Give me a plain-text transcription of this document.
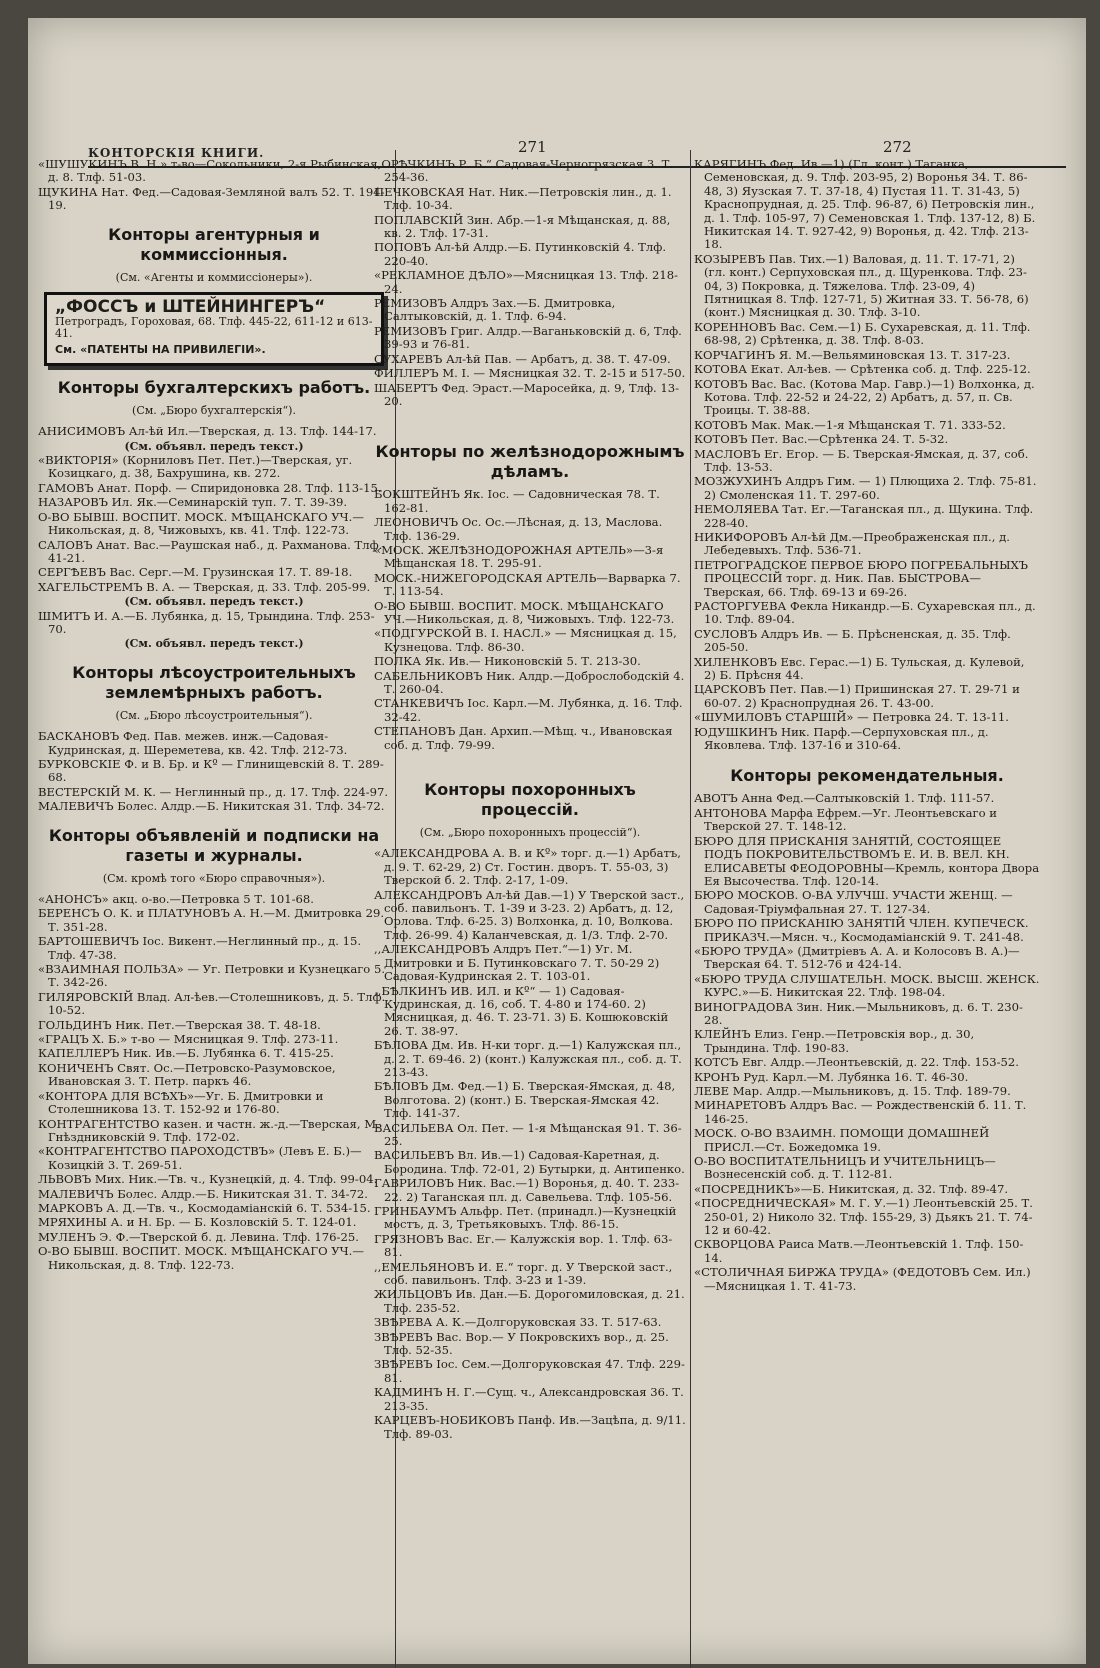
КОНТОРСКІЯ КНИГИ.	271	272
«ШУШУКИНЪ В. Н.» т-во—Сокольники, 2-я Рыбинская, д. 8. Тлф. 51-03.
ЩУКИНА Нат. Фед.—Садовая-Земляной валъ 52. Т. 194-19.
Конторы агентурныя и коммиссіонныя.
(См. «Агенты и коммиссіонеры»).
„ФОССЪ и ШТЕЙНИНГЕРЪ“
Петроградъ, Гороховая, 68. Тлф. 445-22, 611-12 и 613-41.
См. «ПАТЕНТЫ НА ПРИВИЛЕГІИ».
Конторы бухгалтерскихъ работъ.
(См. „Бюро бухгалтерскія“).
АНИСИМОВЪ Ал-ѣй Ил.—Тверская, д. 13. Тлф. 144-17.
(См. объявл. передъ текст.)
«ВИКТОРІЯ» (Корниловъ Пет. Пет.)—Тверская, уг. Козицкаго, д. 38, Бахрушина, кв. 272.
ГАМОВЪ Анат. Порф. — Спиридоновка 28. Тлф. 113-15.
НАЗАРОВЪ Ил. Як.—Семинарскій туп. 7. Т. 39-39.
О-ВО БЫВШ. ВОСПИТ. МОСК. МѢЩАНСКАГО УЧ.—Никольская, д. 8, Чижовыхъ, кв. 41. Тлф. 122-73.
САЛОВЪ Анат. Вас.—Раушская наб., д. Рахманова. Тлф. 41-21.
СЕРГѢЕВЪ Вас. Серг.—М. Грузинская 17. Т. 89-18.
ХАГЕЛЬСТРЕМЪ В. А. — Тверская, д. 33. Тлф. 205-99.
(См. объявл. передъ текст.)
ШМИТЪ И. А.—Б. Лубянка, д. 15, Трындина. Тлф. 253-70.
(См. объявл. передъ текст.)
Конторы лѣсоустроительныхъ землемѣрныхъ работъ.
(См. „Бюро лѣсоустроительныя“).
БАСКАНОВЪ Фед. Пав. межев. инж.—Садовая-Кудринская, д. Шереметева, кв. 42. Тлф. 212-73.
БУРКОВСКІЕ Ф. и В. Бр. и Кº — Глинищевскій 8. Т. 289-68.
ВЕСТЕРСКІЙ М. К. — Неглинный пр., д. 17. Тлф. 224-97.
МАЛЕВИЧЪ Болес. Алдр.—Б. Никитская 31. Тлф. 34-72.
Конторы объявленій и подписки на газеты и журналы.
(См. кромѣ того «Бюро справочныя»).
«АНОНСЪ» акц. о-во.—Петровка 5 Т. 101-68.
БЕРЕНСЪ О. К. и ПЛАТУНОВЪ А. Н.—М. Дмитровка 29. Т. 351-28.
БАРТОШЕВИЧЪ Іос. Викент.—Неглинный пр., д. 15. Тлф. 47-38.
«ВЗАИМНАЯ ПОЛЬЗА» — Уг. Петровки и Кузнецкаго 5. Т. 342-26.
ГИЛЯРОВСКІЙ Влад. Ал-ѣев.—Столешниковъ, д. 5. Тлф. 10-52.
ГОЛЬДИНЪ Ник. Пет.—Тверская 38. Т. 48-18.
«ГРАЦЪ Х. Б.» т-во — Мясницкая 9. Тлф. 273-11.
КАПЕЛЛЕРЪ Ник. Ив.—Б. Лубянка 6. Т. 415-25.
КОНИЧЕНЪ Свят. Ос.—Петровско-Разумовское, Ивановская 3. Т. Петр. паркъ 46.
«КОНТОРА ДЛЯ ВСѢХЪ»—Уг. Б. Дмитровки и Столешникова 13. Т. 152-92 и 176-80.
КОНТРАГЕНТСТВО казен. и частн. ж.-д.—Тверская, М. Гнѣздниковскій 9. Тлф. 172-02.
«КОНТРАГЕНТСТВО ПАРОХОДСТВЪ» (Левъ Е. Б.)—Козицкій 3. Т. 269-51.
ЛЬВОВЪ Мих. Ник.—Тв. ч., Кузнецкій, д. 4. Тлф. 99-04.
МАЛЕВИЧЪ Болес. Алдр.—Б. Никитская 31. Т. 34-72.
МАРКОВЪ А. Д.—Тв. ч., Космодамiанскiй 6. Т. 534-15.
МРЯХИНЫ А. и Н. Бр. — Б. Козловскій 5. Т. 124-01.
МУЛЕНЪ Э. Ф.—Тверской б. д. Левина. Тлф. 176-25.
О-ВО БЫВШ. ВОСПИТ. МОСК. МѢЩАНСКАГО УЧ.—Никольская, д. 8. Тлф. 122-73.
,,ОРѢЧКИНЪ Р. Б.“ Садовая-Черногрязская 3. Т. 254-36.
ПЕЧКОВСКАЯ Нат. Ник.—Петровскія лин., д. 1. Тлф. 10-34.
ПОПЛАВСКІЙ Зин. Абр.—1-я Мѣщанская, д. 88, кв. 2. Тлф. 17-31.
ПОПОВЪ Ал-ѣй Алдр.—Б. Путинковскій 4. Тлф. 220-40.
«РЕКЛАМНОЕ ДѢЛО»—Мясницкая 13. Тлф. 218-24.
РЕМИЗОВЪ Алдръ Зах.—Б. Дмитровка, Салтыковскій, д. 1. Тлф. 6-94.
РЕМИЗОВЪ Григ. Алдр.—Ваганьковскій д. 6, Тлф. 39-93 и 76-81.
СУХАРЕВЪ Ал-ѣй Пав. — Арбатъ, д. 38. Т. 47-09.
ФИЛЛЕРЪ М. І. — Мясницкая 32. Т. 2-15 и 517-50.
ШАБЕРТЪ Фед. Эраст.—Маросейка, д. 9, Тлф. 13-20.
Конторы по желѣзнодорожнымъ дѣламъ.
БОКШТЕЙНЪ Як. Іос. — Садовническая 78. Т. 162-81.
ЛЕОНОВИЧЪ Ос. Ос.—Лѣсная, д. 13, Маслова. Тлф. 136-29.
«МОСК. ЖЕЛѢЗНОДОРОЖНАЯ АРТЕЛЬ»—3-я Мѣщанская 18. Т. 295-91.
МОСК.-НИЖЕГОРОДСКАЯ АРТЕЛЬ—Варварка 7. Т. 113-54.
О-ВО БЫВШ. ВОСПИТ. МОСК. МѢЩАНСКАГО УЧ.—Никольская, д. 8, Чижовыхъ. Тлф. 122-73.
«ПОДГУРСКОЙ В. І. НАСЛ.» — Мясницкая д. 15, Кузнецова. Тлф. 86-30.
ПОЛКА Як. Ив.— Никоновскій 5. Т. 213-30.
САБЕЛЬНИКОВЪ Ник. Алдр.—Доброслободскій 4. Т. 260-04.
СТАНКЕВИЧЪ Іос. Карл.—М. Лубянка, д. 16. Тлф. 32-42.
СТЕПАНОВЪ Дан. Архип.—Мѣщ. ч., Ивановская соб. д. Тлф. 79-99.
Конторы похоронныхъ процессій.
(См. „Бюро похоронныхъ процессій“).
«АЛЕКСАНДРОВА А. В. и Кº» торг. д.—1) Арбатъ, д. 9. Т. 62-29, 2) Ст. Гостин. дворъ. Т. 55-03, 3) Тверской б. 2. Тлф. 2-17, 1-09.
АЛЕКСАНДРОВЪ Ал-ѣй Дав.—1) У Тверской заст., соб. павильонъ. Т. 1-39 и 3-23. 2) Арбатъ, д. 12, Орлова. Тлф. 6-25. 3) Волхонка, д. 10, Волкова. Тлф. 26-99. 4) Каланчевская, д. 1/3. Тлф. 2-70.
,,АЛЕКСАНДРОВЪ Алдръ Пет.“—1) Уг. М. Дмитровки и Б. Путинковскаго 7. Т. 50-29 2) Садовая-Кудринская 2. Т. 103-01.
,,БѢЛКИНЪ ИВ. ИЛ. и Кº“ — 1) Садовая-Кудринская, д. 16, соб. Т. 4-80 и 174-60. 2) Мясницкая, д. 46. Т. 23-71. 3) Б. Кошюковскій 26. Т. 38-97.
БѢЛОВА Дм. Ив. Н-ки торг. д.—1) Калужская пл., д. 2. Т. 69-46. 2) (конт.) Калужская пл., соб. д. Т. 213-43.
БѢЛОВЪ Дм. Фед.—1) Б. Тверская-Ямская, д. 48, Волготова. 2) (конт.) Б. Тверская-Ямская 42. Тлф. 141-37.
ВАСИЛЬЕВА Ол. Пет. — 1-я Мѣщанская 91. Т. 36-25.
ВАСИЛЬЕВЪ Вл. Ив.—1) Садовая-Каретная, д. Бородина. Тлф. 72-01, 2) Бутырки, д. Антипенко.
ГАВРИЛОВЪ Ник. Вас.—1) Воронья, д. 40. Т. 233-22. 2) Таганская пл. д. Савельева. Тлф. 105-56.
ГРИНБАУМЪ Альфр. Пет. (принадл.)—Кузнецкій мостъ, д. 3, Третьяковыхъ. Тлф. 86-15.
ГРЯЗНОВЪ Вас. Ег.— Калужскія вор. 1. Тлф. 63-81.
,,ЕМЕЛЬЯНОВЪ И. Е.“ торг. д. У Тверской заст., соб. павильонъ. Тлф. 3-23 и 1-39.
ЖИЛЬЦОВЪ Ив. Дан.—Б. Дорогомиловская, д. 21. Тлф. 235-52.
ЗВѢРЕВА А. К.—Долгоруковская 33. Т. 517-63.
ЗВѢРЕВЪ Вас. Вор.— У Покровскихъ вор., д. 25. Тлф. 52-35.
ЗВѢРЕВЪ Іос. Сем.—Долгоруковская 47. Тлф. 229-81.
КАДМИНЪ Н. Г.—Сущ. ч., Александровская 36. Т. 213-35.
КАРЦЕВЪ-НОБИКОВЪ Панф. Ив.—Зацѣпа, д. 9/11. Тлф. 89-03.
КАРЯГИНЪ Фед. Ив.—1) (Гл. конт.) Таганка, Семеновская, д. 9. Тлф. 203-95, 2) Воронья 34. Т. 86-48, 3) Яузская 7. Т. 37-18, 4) Пустая 11. Т. 31-43, 5) Краснопрудная, д. 25. Тлф. 96-87, 6) Петровскія лин., д. 1. Тлф. 105-97, 7) Семеновская 1. Тлф. 137-12, 8) Б. Никитская 14. Т. 927-42, 9) Воронья, д. 42. Тлф. 213-18.
КОЗЫРЕВЪ Пав. Тих.—1) Валовая, д. 11. Т. 17-71, 2) (гл. конт.) Серпуховская пл., д. Щуренкова. Тлф. 23-04, 3) Покровка, д. Тяжелова. Тлф. 23-09, 4) Пятницкая 8. Тлф. 127-71, 5) Житная 33. Т. 56-78, 6) (конт.) Мясницкая д. 30. Тлф. 3-10.
КОРЕННОВЪ Вас. Сем.—1) Б. Сухаревская, д. 11. Тлф. 68-98, 2) Срѣтенка, д. 38. Тлф. 8-03.
КОРЧАГИНЪ Я. М.—Вельяминовская 13. Т. 317-23.
КОТОВА Екат. Ал-ѣев. — Срѣтенка соб. д. Тлф. 225-12.
КОТОВЪ Вас. Вас. (Котова Мар. Гавр.)—1) Волхонка, д. Котова. Тлф. 22-52 и 24-22, 2) Арбатъ, д. 57, п. Св. Троицы. Т. 38-88.
КОТОВЪ Мак. Мак.—1-я Мѣщанская Т. 71. 333-52.
КОТОВЪ Пет. Вас.—Срѣтенка 24. Т. 5-32.
МАСЛОВЪ Ег. Егор. — Б. Тверская-Ямская, д. 37, соб. Тлф. 13-53.
МОЗЖУХИНЪ Алдръ Гим. — 1) Плющиха 2. Тлф. 75-81. 2) Смоленская 11. Т. 297-60.
НЕМОЛЯЕВА Тат. Ег.—Таганская пл., д. Щукина. Тлф. 228-40.
НИКИФОРОВЪ Ал-ѣй Дм.—Преображенская пл., д. Лебедевыхъ. Тлф. 536-71.
ПЕТРОГРАДСКОЕ ПЕРВОЕ БЮРО ПОГРЕБАЛЬНЫХЪ ПРОЦЕССІЙ торг. д. Ник. Пав. БЫСТРОВА—Тверская, 66. Тлф. 69-13 и 69-26.
РАСТОРГУЕВА Фекла Никандр.—Б. Сухаревская пл., д. 10. Тлф. 89-04.
СУСЛОВЪ Алдръ Ив. — Б. Прѣсненская, д. 35. Тлф. 205-50.
ХИЛЕНКОВЪ Евс. Герас.—1) Б. Тульская, д. Кулевой, 2) Б. Прѣсня 44.
ЦАРСКОВЪ Пет. Пав.—1) Пришинская 27. Т. 29-71 и 60-07. 2) Краснопрудная 26. Т. 43-00.
«ШУМИЛОВЪ СТАРШІЙ» — Петровка 24. Т. 13-11.
ЮДУШКИНЪ Ник. Парф.—Серпуховская пл., д. Яковлева. Тлф. 137-16 и 310-64.
Конторы рекомендательныя.
АВОТЪ Анна Фед.—Салтыковскій 1. Тлф. 111-57.
АНТОНОВА Марфа Ефрем.—Уг. Леонтьевскаго и Тверской 27. Т. 148-12.
БЮРО ДЛЯ ПРИСКАНІЯ ЗАНЯТІЙ, СОСТОЯЩЕЕ ПОДЪ ПОКРОВИТЕЛЬСТВОМЪ Е. И. В. ВЕЛ. КН. ЕЛИСАВЕТЫ ФЕОДОРОВНЫ—Кремль, контора Двора Ея Высочества. Тлф. 120-14.
БЮРО МОСКОВ. О-ВА УЛУЧШ. УЧАСТИ ЖЕНЩ. — Садовая-Тріумфальная 27. Т. 127-34.
БЮРО ПО ПРИСКАНІЮ ЗАНЯТІЙ ЧЛЕН. КУПЕЧЕСК. ПРИКАЗЧ.—Мясн. ч., Космодамiанскiй 9. Т. 241-48.
«БЮРО ТРУДА» (Дмитріевъ А. А. и Колосовъ В. А.)—Тверская 64. Т. 512-76 и 424-14.
«БЮРО ТРУДА СЛУШАТЕЛЬН. МОСК. ВЫСШ. ЖЕНСК. КУРС.»—Б. Никитская 22. Тлф. 198-04.
ВИНОГРАДОВА Зин. Ник.—Мыльниковъ, д. 6. Т. 230-28.
КЛЕЙНЪ Елиз. Генр.—Петровскія вор., д. 30, Трындина. Тлф. 190-83.
КОТСЪ Евг. Алдр.—Леонтьевскій, д. 22. Тлф. 153-52.
КРОНЪ Руд. Карл.—М. Лубянка 16. Т. 46-30.
ЛЕВЕ Мар. Алдр.—Мыльниковъ, д. 15. Тлф. 189-79.
МИНАРЕТОВЪ Алдръ Вас. — Рождественскій б. 11. Т. 146-25.
МОСК. О-ВО ВЗАИМН. ПОМОЩИ ДОМАШНЕЙ ПРИСЛ.—Ст. Божедомка 19.
О-ВО ВОСПИТАТЕЛЬНИЦЪ И УЧИТЕЛЬНИЦЪ—Вознесенскій соб. д. Т. 112-81.
«ПОСРЕДНИКЪ»—Б. Никитская, д. 32. Тлф. 89-47.
«ПОСРЕДНИЧЕСКАЯ» М. Г. У.—1) Леонтьевскій 25. Т. 250-01, 2) Николо 32. Тлф. 155-29, 3) Дьякъ 21. Т. 74-12 и 60-42.
СКВОРЦОВА Раиса Матв.—Леонтьевскій 1. Тлф. 150-14.
«СТОЛИЧНАЯ БИРЖА ТРУДА» (ФЕДОТОВЪ Сем. Ил.)—Мясницкая 1. Т. 41-73.
